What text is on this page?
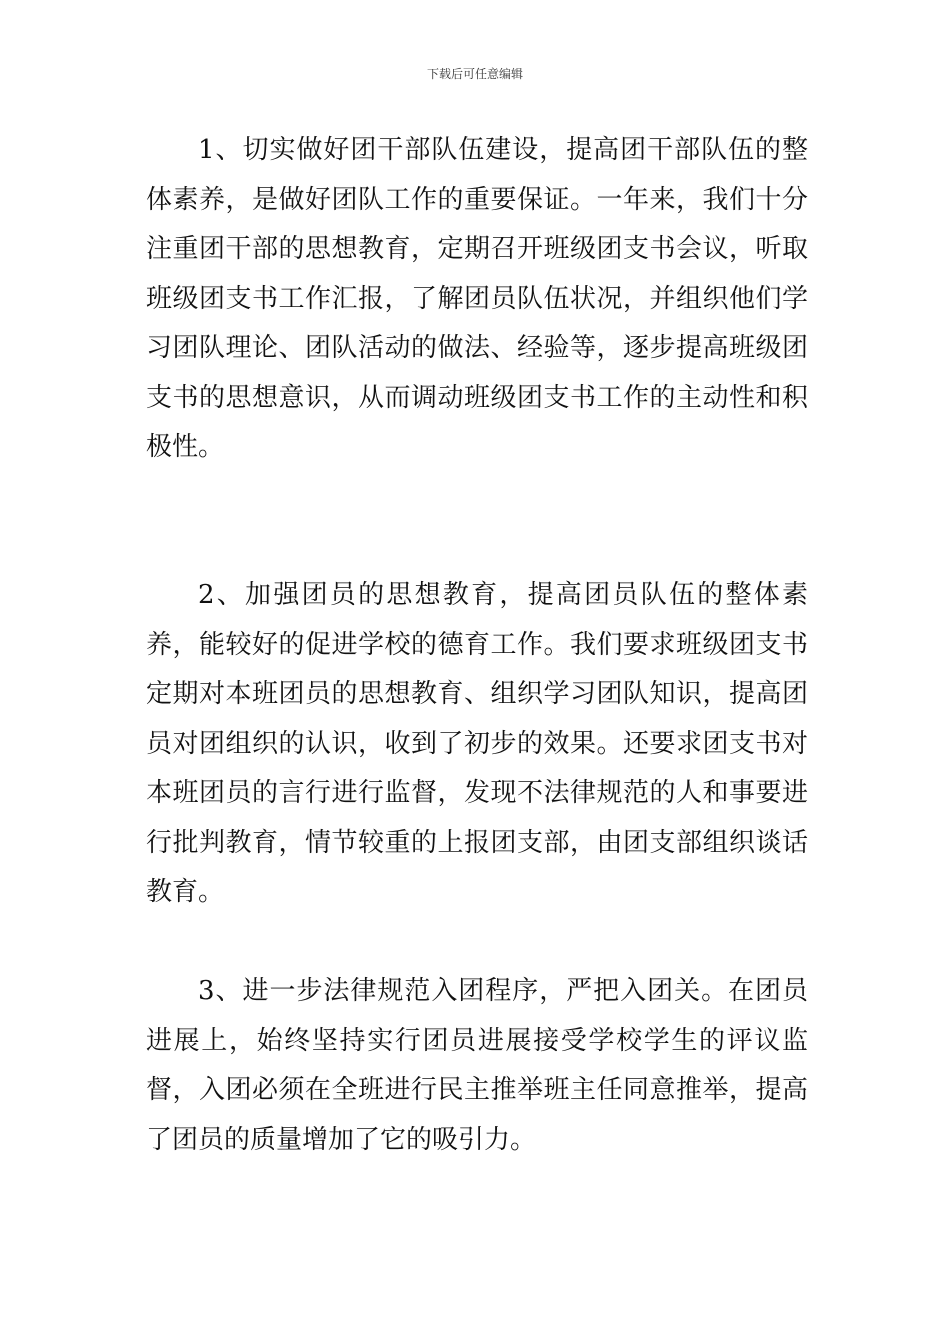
下载后可任意编辑

1、切实做好团干部队伍建设，提高团干部队伍的整体素养，是做好团队工作的重要保证。一年来，我们十分注重团干部的思想教育，定期召开班级团支书会议，听取班级团支书工作汇报，了解团员队伍状况，并组织他们学习团队理论、团队活动的做法、经验等，逐步提高班级团支书的思想意识，从而调动班级团支书工作的主动性和积极性。

2、加强团员的思想教育，提高团员队伍的整体素养，能较好的促进学校的德育工作。我们要求班级团支书定期对本班团员的思想教育、组织学习团队知识，提高团员对团组织的认识，收到了初步的效果。还要求团支书对本班团员的言行进行监督，发现不法律规范的人和事要进行批判教育，情节较重的上报团支部，由团支部组织谈话教育。

3、进一步法律规范入团程序，严把入团关。在团员进展上，始终坚持实行团员进展接受学校学生的评议监督，入团必须在全班进行民主推举班主任同意推举，提高了团员的质量增加了它的吸引力。
